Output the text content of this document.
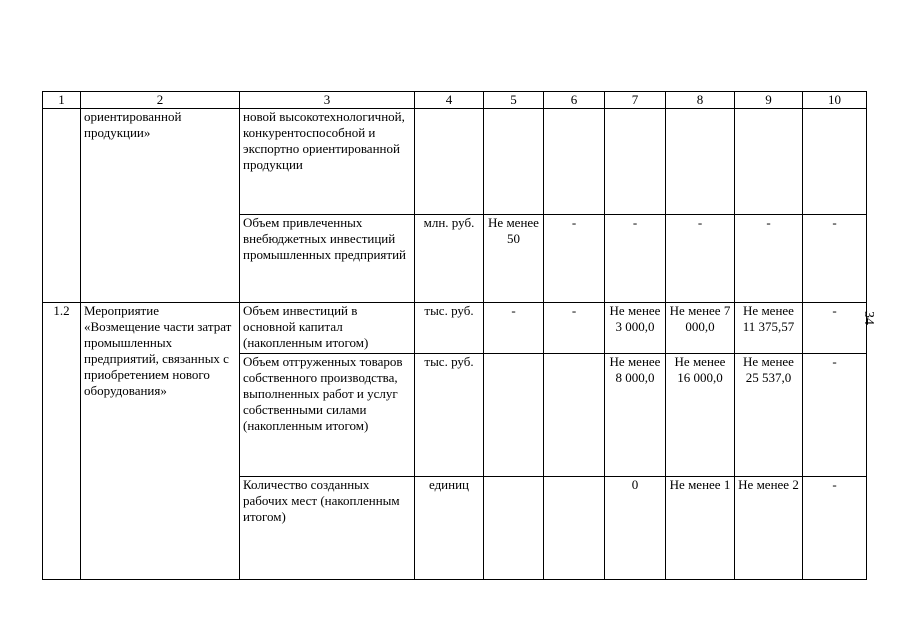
1	2	3	4	5	6	7	8	9	10
	ориентированной продукции»	новой высокотехнологичной, конкурентоспособной и экспортно ориентированной продукции							
		Объем привлеченных внебюджетных инвестиций промышленных предприятий	млн. руб.	Не менее 50	-	-	-	-	-
1.2	Мероприятие «Возмещение части затрат промышленных предприятий, связанных с приобретением нового оборудования»	Объем инвестиций в основной капитал (накопленным итогом)	тыс. руб.	-	-	Не менее 3 000,0	Не менее 7 000,0	Не менее 11 375,57	-
		Объем отгруженных товаров собственного производства, выполненных работ и услуг собственными силами (накопленным итогом)	тыс. руб.			Не менее 8 000,0	Не менее 16 000,0	Не менее 25 537,0	-
		Количество созданных рабочих мест (накопленным итогом)	единиц			0	Не менее 1	Не менее 2	-
34
